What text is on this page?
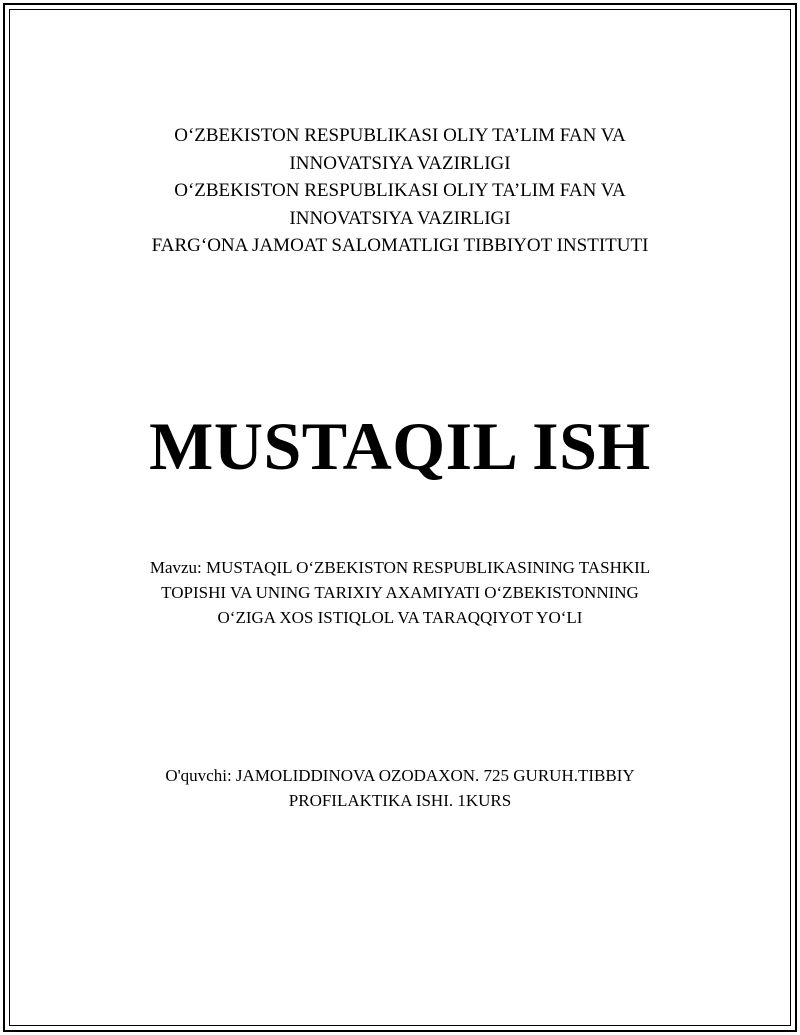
O‘ZBEKISTON RESPUBLIKASI OLIY TA’LIM FAN VA
INNOVATSIYA VAZIRLIGI
O‘ZBEKISTON RESPUBLIKASI OLIY TA’LIM FAN VA
INNOVATSIYA VAZIRLIGI
FARG‘ONA JAMOAT SALOMATLIGI TIBBIYOT INSTITUTI
MUSTAQIL ISH
Mavzu: MUSTAQIL O‘ZBEKISTON RESPUBLIKASINING TASHKIL
TOPISHI VA UNING TARIXIY AXAMIYATI O‘ZBEKISTONNING
O‘ZIGA XOS ISTIQLOL VA TARAQQIYOT YO‘LI
O'quvchi: JAMOLIDDINOVA OZODAXON. 725 GURUH.TIBBIY
PROFILAKTIKA ISHI. 1KURS
